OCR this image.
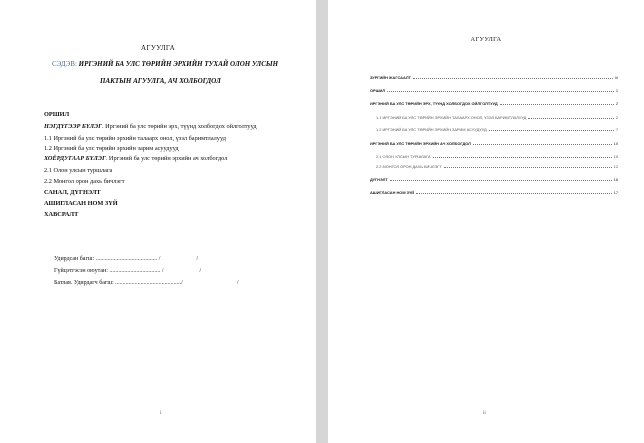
АГУУЛГА
СЭДЭВ: ИРГЭНИЙ БА УЛС ТӨРИЙН ЭРХИЙН ТУХАЙ ОЛОН УЛСЫН
ПАКТЫН АГУУЛГА, АЧ ХОЛБОГДОЛ
ОРШИЛ
НЭГДҮГЭЭР БҮЛЭГ. Иргэний ба улс төрийн эрх, түүнд холбогдох ойлголтууд
1.1 Иргэний ба улс төрийн эрхийн талаарх онол, үзэл баримтлалууд
1.2 Иргэний ба улс төрийн эрхийн зарим асуудууд
ХОЁРДУГААР БҮЛЭГ. Иргэний ба улс төрийн эрхийн ач холбогдол
2.1 Олон улсын туршлага
2.2 Монгол орон дахь бичлэгт
САНАЛ, ДҮГНЭЛТ
АШИГЛАСАН НОМ ЗҮЙ
ХАВСРАЛТ
Удирдсан багш: ......................................... /	/
Гүйцэтгэсэн оюутан: .................................. /	/
Батлав. Удирдагч багш: ............................................/	/
i
АГУУЛГА
ЗУРГИЙН ЖАГСААЛТ	iii
ОРШИЛ	1
ИРГЭНИЙ БА УЛС ТӨРИЙН ЭРХ, ТҮҮНД ХОЛБОГДОХ ОЙЛГОЛТУУД	2
1.1 ИРГЭНИЙ БА УЛС ТӨРИЙН ЭРХИЙН ТАЛААРХ ОНОЛ, ҮЗЭЛ БАРИМТЛАЛУУД	2
1.2 ИРГЭНИЙ БА УЛС ТӨРИЙН ЭРХИЙН ЗАРИМ АСУУДУУД	7
ИРГЭНИЙ БА УЛС ТӨРИЙН ЭРХИЙН АЧ ХОЛБОГДОЛ	10
2.1 ОЛОН УЛСЫН ТУРШЛАГА	10
2.2 МОНГОЛ ОРОН ДАХЬ БИЧЛЭГТ	12
ДҮГНЭЛТ	16
АШИГЛАСАН НОМ ЗҮЙ	17
ii
